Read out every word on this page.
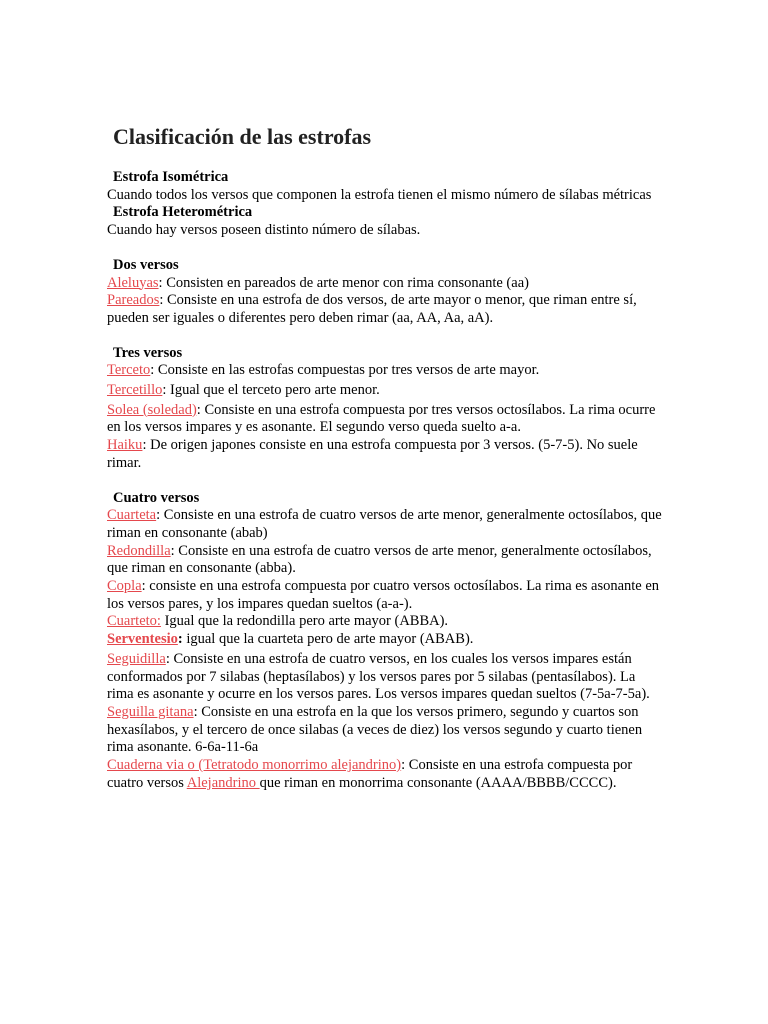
Clasificación de las estrofas
Estrofa Isométrica

Cuando todos los versos que componen la estrofa tienen el mismo número de sílabas métricas

Estrofa Heterométrica

Cuando hay versos poseen distinto número de sílabas.

Dos versos

Aleluyas: Consisten en pareados de arte menor con rima consonante (aa)

Pareados: Consiste en una estrofa de dos versos, de arte mayor o menor, que riman entre sí, pueden ser iguales o diferentes pero deben rimar (aa, AA, Aa, aA).

Tres versos

Terceto: Consiste en las estrofas compuestas por tres versos de arte mayor.

Tercetillo: Igual que el terceto pero arte menor.

Solea (soledad): Consiste en una estrofa compuesta por tres versos octosílabos. La rima ocurre en los versos impares y es asonante. El segundo verso queda suelto a-a.

Haiku: De origen japones consiste en una estrofa compuesta por 3 versos. (5-7-5). No suele rimar.

Cuatro versos

Cuarteta: Consiste en una estrofa de cuatro versos de arte menor, generalmente octosílabos, que riman en consonante (abab)

Redondilla: Consiste en una estrofa de cuatro versos de arte menor, generalmente octosílabos, que riman en consonante (abba).

Copla: consiste en una estrofa compuesta por cuatro versos octosílabos. La rima es asonante en los versos pares, y los impares quedan sueltos (a-a-).

Cuarteto: Igual que la redondilla pero arte mayor (ABBA).

Serventesio: igual que la cuarteta pero de arte mayor (ABAB).

Seguidilla: Consiste en una estrofa de cuatro versos, en los cuales los versos impares están conformados por 7 silabas (heptasílabos) y los versos pares por 5 silabas (pentasílabos). La rima es asonante y ocurre en los versos pares. Los versos impares quedan sueltos (7-5a-7-5a).

Seguilla gitana: Consiste en una estrofa en la que los versos primero, segundo y cuartos son hexasílabos, y el tercero de once silabas (a veces de diez) los versos segundo y cuarto tienen rima asonante. 6-6a-11-6a

Cuaderna via o (Tetratodo monorrimo alejandrino): Consiste en una estrofa compuesta por cuatro versos Alejandrino que riman en monorrima consonante (AAAA/BBBB/CCCC).
